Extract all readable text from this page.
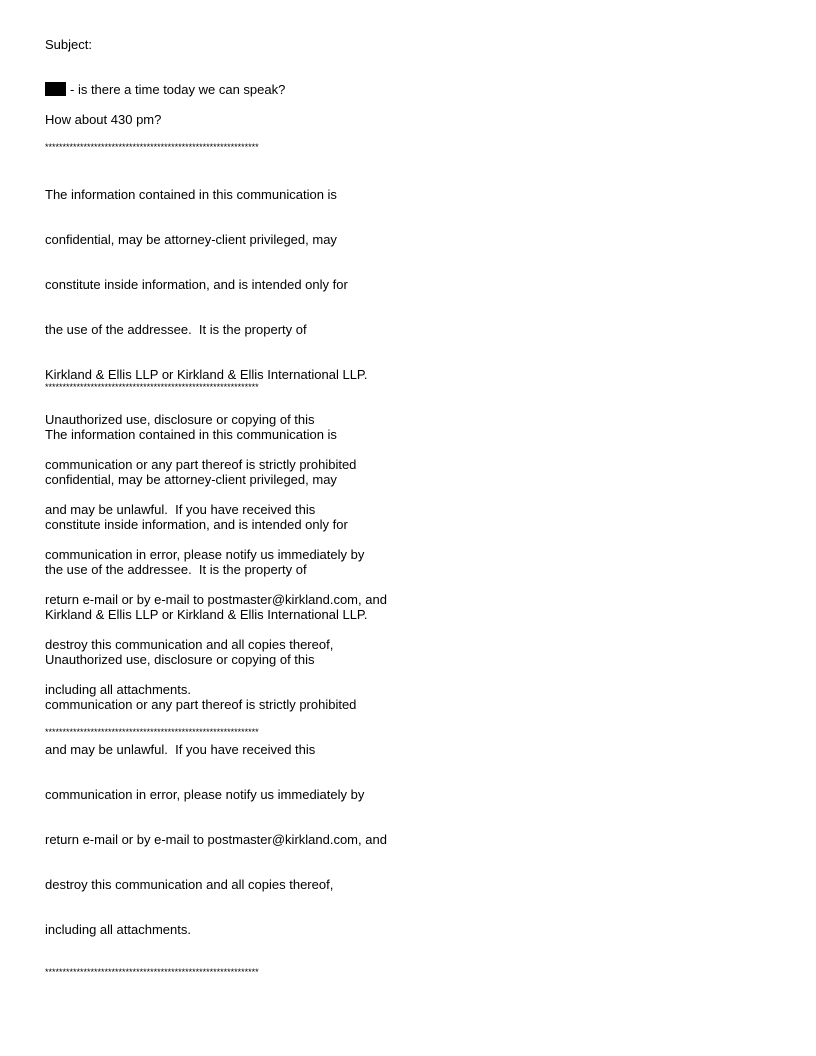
Subject:
- is there a time today we can speak?
How about 430 pm?
*************************************************************

The information contained in this communication is

confidential, may be attorney-client privileged, may

constitute inside information, and is intended only for

the use of the addressee.  It is the property of

Kirkland & Ellis LLP or Kirkland & Ellis International LLP.

Unauthorized use, disclosure or copying of this

communication or any part thereof is strictly prohibited

and may be unlawful.  If you have received this

communication in error, please notify us immediately by

return e-mail or by e-mail to postmaster@kirkland.com, and

destroy this communication and all copies thereof,

including all attachments.

*************************************************************
*************************************************************

The information contained in this communication is

confidential, may be attorney-client privileged, may

constitute inside information, and is intended only for

the use of the addressee.  It is the property of

Kirkland & Ellis LLP or Kirkland & Ellis International LLP.

Unauthorized use, disclosure or copying of this

communication or any part thereof is strictly prohibited

and may be unlawful.  If you have received this

communication in error, please notify us immediately by

return e-mail or by e-mail to postmaster@kirkland.com, and

destroy this communication and all copies thereof,

including all attachments.

*************************************************************
